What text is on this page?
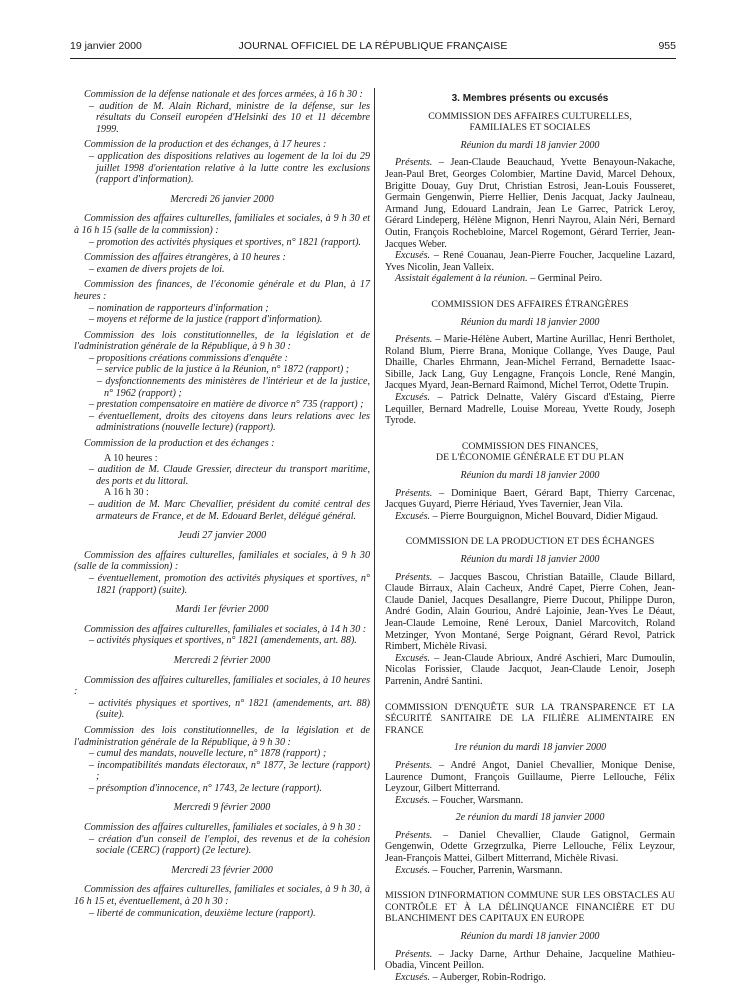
19 janvier 2000	JOURNAL OFFICIEL DE LA RÉPUBLIQUE FRANÇAISE	955

Commission de la défense nationale et des forces armées, à 16 h 30 :

– audition de M. Alain Richard, ministre de la défense, sur les résultats du Conseil européen d'Helsinki des 10 et 11 décembre 1999.

Commission de la production et des échanges, à 17 heures :

– application des dispositions relatives au logement de la loi du 29 juillet 1998 d'orientation relative à la lutte contre les exclusions (rapport d'information).

Mercredi 26 janvier 2000

Commission des affaires culturelles, familiales et sociales, à 9 h 30 et à 16 h 15 (salle de la commission) :

– promotion des activités physiques et sportives, n° 1821 (rapport).

Commission des affaires étrangères, à 10 heures :

– examen de divers projets de loi.

Commission des finances, de l'économie générale et du Plan, à 17 heures :

– nomination de rapporteurs d'information ;

– moyens et réforme de la justice (rapport d'information).

Commission des lois constitutionnelles, de la législation et de l'administration générale de la République, à 9 h 30 :

– propositions créations commissions d'enquête :

– service public de la justice à la Réunion, n° 1872 (rapport) ;

– dysfonctionnements des ministères de l'intérieur et de la justice, n° 1962 (rapport) ;

– prestation compensatoire en matière de divorce n° 735 (rapport) ;

– éventuellement, droits des citoyens dans leurs relations avec les administrations (nouvelle lecture) (rapport).

Commission de la production et des échanges :

A 10 heures :

– audition de M. Claude Gressier, directeur du transport maritime, des ports et du littoral.

A 16 h 30 :

– audition de M. Marc Chevallier, président du comité central des armateurs de France, et de M. Edouard Berlet, délégué général.

Jeudi 27 janvier 2000

Commission des affaires culturelles, familiales et sociales, à 9 h 30 (salle de la commission) :

– éventuellement, promotion des activités physiques et sportives, n° 1821 (rapport) (suite).

Mardi 1er février 2000

Commission des affaires culturelles, familiales et sociales, à 14 h 30 :

– activités physiques et sportives, n° 1821 (amendements, art. 88).

Mercredi 2 février 2000

Commission des affaires culturelles, familiales et sociales, à 10 heures :

– activités physiques et sportives, n° 1821 (amendements, art. 88) (suite).

Commission des lois constitutionnelles, de la législation et de l'administration générale de la République, à 9 h 30 :

– cumul des mandats, nouvelle lecture, n° 1878 (rapport) ;

– incompatibilités mandats électoraux, n° 1877, 3e lecture (rapport) ;

– présomption d'innocence, n° 1743, 2e lecture (rapport).

Mercredi 9 février 2000

Commission des affaires culturelles, familiales et sociales, à 9 h 30 :

– création d'un conseil de l'emploi, des revenus et de la cohésion sociale (CERC) (rapport) (2e lecture).

Mercredi 23 février 2000

Commission des affaires culturelles, familiales et sociales, à 9 h 30, à 16 h 15 et, éventuellement, à 20 h 30 :

– liberté de communication, deuxième lecture (rapport).

3. Membres présents ou excusés

COMMISSION DES AFFAIRES CULTURELLES, FAMILIALES ET SOCIALES

Réunion du mardi 18 janvier 2000

Présents. – Jean-Claude Beauchaud, Yvette Benayoun-Nakache, Jean-Paul Bret, Georges Colombier, Martine David, Marcel Dehoux, Brigitte Douay, Guy Drut, Christian Estrosi, Jean-Louis Fousseret, Germain Gengenwin, Pierre Hellier, Denis Jacquat, Jacky Jaulneau, Armand Jung, Edouard Landrain, Jean Le Garrec, Patrick Leroy, Gérard Lindeperg, Hélène Mignon, Henri Nayrou, Alain Néri, Bernard Outin, François Rochebloine, Marcel Rogemont, Gérard Terrier, Jean-Jacques Weber.

Excusés. – René Couanau, Jean-Pierre Foucher, Jacqueline Lazard, Yves Nicolin, Jean Valleix.

Assistait également à la réunion. – Germinal Peiro.

COMMISSION DES AFFAIRES ÉTRANGÈRES

Réunion du mardi 18 janvier 2000

Présents. – Marie-Hélène Aubert, Martine Aurillac, Henri Bertholet, Roland Blum, Pierre Brana, Monique Collange, Yves Dauge, Paul Dhaille, Charles Ehrmann, Jean-Michel Ferrand, Bernadette Isaac-Sibille, Jack Lang, Guy Lengagne, François Loncle, René Mangin, Jacques Myard, Jean-Bernard Raimond, Michel Terrot, Odette Trupin.

Excusés. – Patrick Delnatte, Valéry Giscard d'Estaing, Pierre Lequiller, Bernard Madrelle, Louise Moreau, Yvette Roudy, Joseph Tyrode.

COMMISSION DES FINANCES,

DE L'ÉCONOMIE GÉNÉRALE ET DU PLAN

Réunion du mardi 18 janvier 2000

Présents. – Dominique Baert, Gérard Bapt, Thierry Carcenac, Jacques Guyard, Pierre Hériaud, Yves Tavernier, Jean Vila.

Excusés. – Pierre Bourguignon, Michel Bouvard, Didier Migaud.

COMMISSION DE LA PRODUCTION ET DES ÉCHANGES

Réunion du mardi 18 janvier 2000

Présents. – Jacques Bascou, Christian Bataille, Claude Billard, Claude Birraux, Alain Cacheux, André Capet, Pierre Cohen, Jean-Claude Daniel, Jacques Desallangre, Pierre Ducout, Philippe Duron, André Godin, Alain Gouriou, André Lajoinie, Jean-Yves Le Déaut, Jean-Claude Lemoine, René Leroux, Daniel Marcovitch, Roland Metzinger, Yvon Montané, Serge Poignant, Gérard Revol, Patrick Rimbert, Michèle Rivasi.

Excusés. – Jean-Claude Abrioux, André Aschieri, Marc Dumoulin, Nicolas Forissier, Claude Jacquot, Jean-Claude Lenoir, Joseph Parrenin, André Santini.

COMMISSION D'ENQUÊTE SUR LA TRANSPARENCE ET LA SÉCURITÉ SANITAIRE DE LA FILIÈRE ALIMENTAIRE EN FRANCE

1re réunion du mardi 18 janvier 2000

Présents. – André Angot, Daniel Chevallier, Monique Denise, Laurence Dumont, François Guillaume, Pierre Lellouche, Félix Leyzour, Gilbert Mitterrand.

Excusés. – Foucher, Warsmann.

2e réunion du mardi 18 janvier 2000

Présents. – Daniel Chevallier, Claude Gatignol, Germain Gengenwin, Odette Grzegrzulka, Pierre Lellouche, Félix Leyzour, Jean-François Mattei, Gilbert Mitterrand, Michèle Rivasi.

Excusés. – Foucher, Parrenin, Warsmann.

MISSION D'INFORMATION COMMUNE SUR LES OBSTACLES AU CONTRÔLE ET À LA DÉLINQUANCE FINANCIÈRE ET DU BLANCHIMENT DES CAPITAUX EN EUROPE

Réunion du mardi 18 janvier 2000

Présents. – Jacky Darne, Arthur Dehaine, Jacqueline Mathieu-Obadia, Vincent Peillon.

Excusés. – Auberger, Robin-Rodrigo.
